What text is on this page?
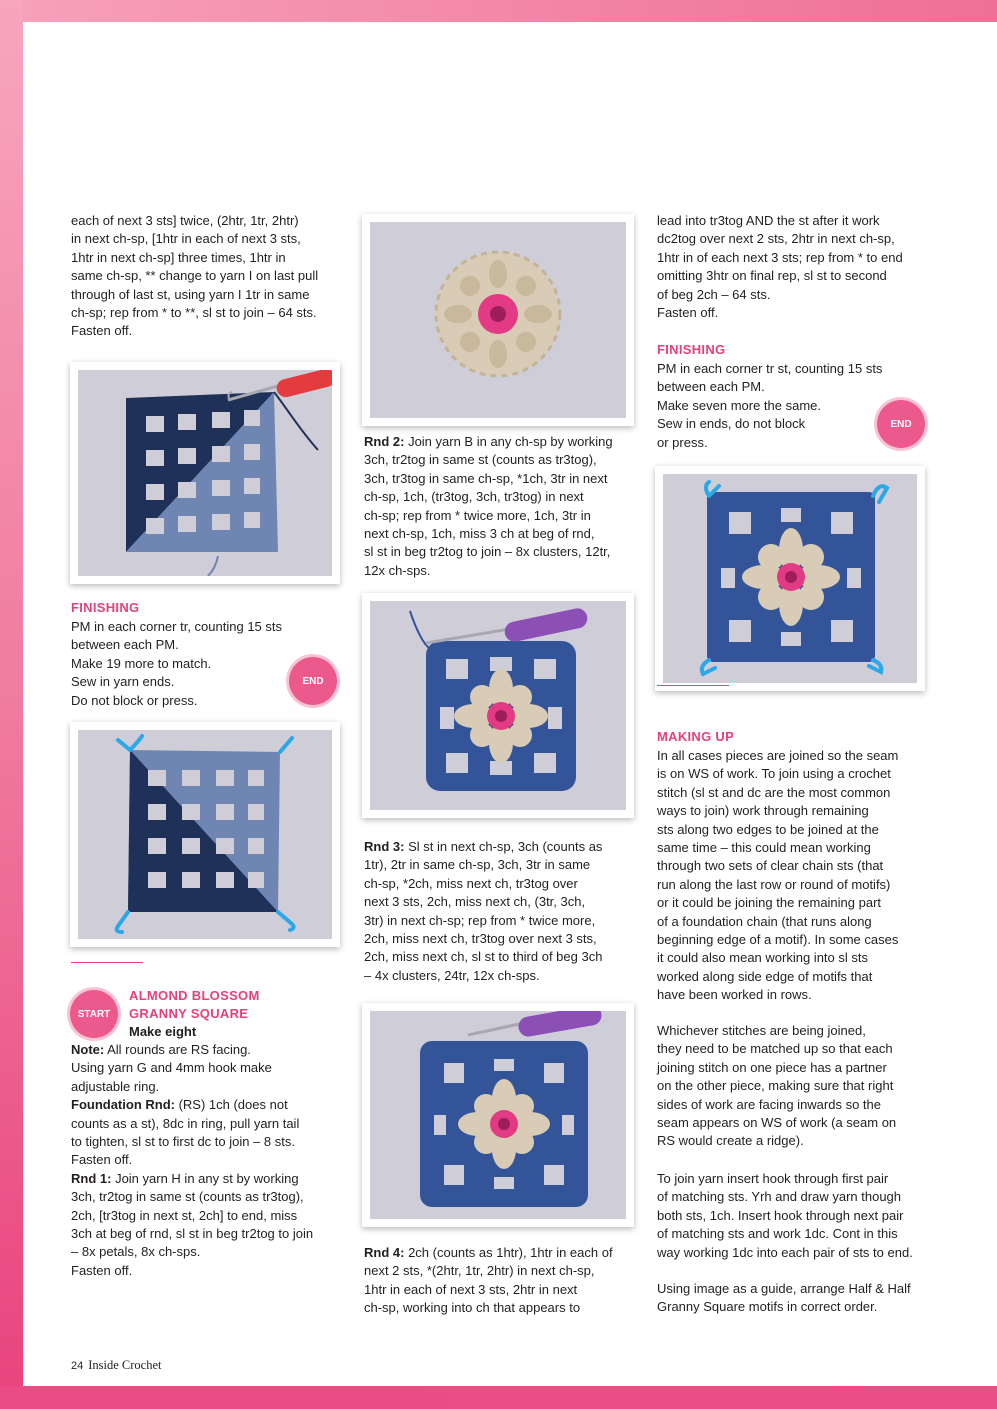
each of next 3 sts] twice, (2htr, 1tr, 2htr)
in next ch-sp, [1htr in each of next 3 sts,
1htr in next ch-sp] three times, 1htr in
same ch-sp, ** change to yarn I on last pull
through of last st, using yarn I 1tr in same
ch-sp; rep from * to **, sl st to join – 64 sts.
Fasten off.

FINISHING

PM in each corner tr, counting 15 sts
between each PM.
Make 19 more to match.
Sew in yarn ends.
Do not block or press.

END
START

ALMOND BLOSSOM

GRANNY SQUARE

Make eight

Note: All rounds are RS facing.
Using yarn G and 4mm hook make
adjustable ring.
Foundation Rnd: (RS) 1ch (does not
counts as a st), 8dc in ring, pull yarn tail
to tighten, sl st to first dc to join – 8 sts.
Fasten off.
Rnd 1: Join yarn H in any st by working
3ch, tr2tog in same st (counts as tr3tog),
2ch, [tr3tog in next st, 2ch] to end, miss
3ch at beg of rnd, sl st in beg tr2tog to join
– 8x petals, 8x ch-sps.
Fasten off.

Rnd 2: Join yarn B in any ch-sp by working
3ch, tr2tog in same st (counts as tr3tog),
3ch, tr3tog in same ch-sp, *1ch, 3tr in next
ch-sp, 1ch, (tr3tog, 3ch, tr3tog) in next
ch-sp; rep from * twice more, 1ch, 3tr in
next ch-sp, 1ch, miss 3 ch at beg of rnd,
sl st in beg tr2tog to join – 8x clusters, 12tr,
12x ch-sps.

Rnd 3: Sl st in next ch-sp, 3ch (counts as
1tr), 2tr in same ch-sp, 3ch, 3tr in same
ch-sp, *2ch, miss next ch, tr3tog over
next 3 sts, 2ch, miss next ch, (3tr, 3ch,
3tr) in next ch-sp; rep from * twice more,
2ch, miss next ch, tr3tog over next 3 sts,
2ch, miss next ch, sl st to third of beg 3ch
– 4x clusters, 24tr, 12x ch-sps.

Rnd 4: 2ch (counts as 1htr), 1htr in each of
next 2 sts, *(2htr, 1tr, 2htr) in next ch-sp,
1htr in each of next 3 sts, 2htr in next
ch-sp, working into ch that appears to

lead into tr3tog AND the st after it work
dc2tog over next 2 sts, 2htr in next ch-sp,
1htr in of each next 3 sts; rep from * to end
omitting 3htr on final rep, sl st to second
of beg 2ch – 64 sts.
Fasten off.

FINISHING

PM in each corner tr st, counting 15 sts
between each PM.
Make seven more the same.
Sew in ends, do not block
or press.

END

MAKING UP

In all cases pieces are joined so the seam
is on WS of work. To join using a crochet
stitch (sl st and dc are the most common
ways to join) work through remaining
sts along two edges to be joined at the
same time – this could mean working
through two sets of clear chain sts (that
run along the last row or round of motifs)
or it could be joining the remaining part
of a foundation chain (that runs along
beginning edge of a motif). In some cases
it could also mean working into sl sts
worked along side edge of motifs that
have been worked in rows.

Whichever stitches are being joined,
they need to be matched up so that each
joining stitch on one piece has a partner
on the other piece, making sure that right
sides of work are facing inwards so the
seam appears on WS of work (a seam on
RS would create a ridge).

To join yarn insert hook through first pair
of matching sts. Yrh and draw yarn though
both sts, 1ch. Insert hook through next pair
of matching sts and work 1dc. Cont in this
way working 1dc into each pair of sts to end.

Using image as a guide, arrange Half & Half
Granny Square motifs in correct order.

24 Inside Crochet
